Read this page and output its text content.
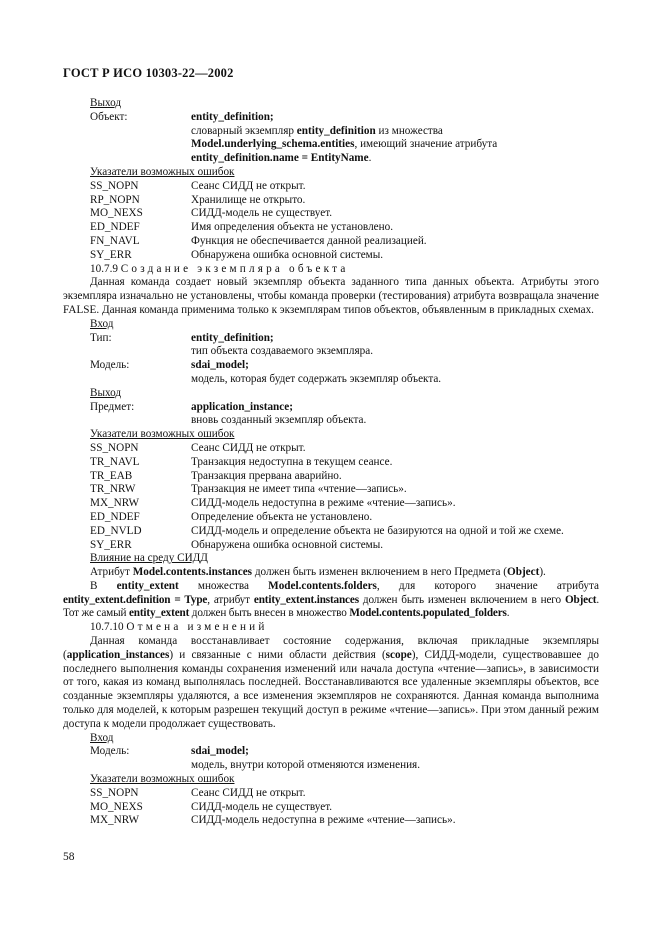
ГОСТ Р ИСО 10303-22—2002
Выход
Объект:	entity_definition;
словарный экземпляр entity_definition из множества
Model.underlying_schema.entities, имеющий значение атрибута
entity_definition.name = EntityName.
Указатели возможных ошибок
SS_NOPN	Сеанс СИДД не открыт.
RP_NOPN	Хранилище не открыто.
MO_NEXS	СИДД-модель не существует.
ED_NDEF	Имя определения объекта не установлено.
FN_NAVL	Функция не обеспечивается данной реализацией.
SY_ERR	Обнаружена ошибка основной системы.
10.7.9 Создание экземпляра объекта
Данная команда создает новый экземпляр объекта заданного типа данных объекта. Атрибуты этого экземпляра изначально не установлены, чтобы команда проверки (тестирования) атрибута возвращала значение FALSE. Данная команда применима только к экземплярам типов объектов, объявленным в прикладных схемах.
Вход
Тип:	entity_definition;
тип объекта создаваемого экземпляра.
Модель:	sdai_model;
модель, которая будет содержать экземпляр объекта.
Выход
Предмет:	application_instance;
вновь созданный экземпляр объекта.
Указатели возможных ошибок
SS_NOPN	Сеанс СИДД не открыт.
TR_NAVL	Транзакция недоступна в текущем сеансе.
TR_EAB	Транзакция прервана аварийно.
TR_NRW	Транзакция не имеет типа «чтение—запись».
MX_NRW	СИДД-модель недоступна в режиме «чтение—запись».
ED_NDEF	Определение объекта не установлено.
ED_NVLD	СИДД-модель и определение объекта не базируются на одной и той же схеме.
SY_ERR	Обнаружена ошибка основной системы.
Влияние на среду СИДД
Атрибут Model.contents.instances должен быть изменен включением в него Предмета (Object).
В entity_extent множества Model.contents.folders, для которого значение атрибута
entity_extent.definition = Type, атрибут entity_extent.instances должен быть изменен включением в него Object. Тот же самый entity_extent должен быть внесен в множество Model.contents.populated_folders.
10.7.10 Отмена изменений
Данная команда восстанавливает состояние содержания, включая прикладные экземпляры (application_instances) и связанные с ними области действия (scope), СИДД-модели, существовавшее до последнего выполнения команды сохранения изменений или начала доступа «чтение—запись», в зависимости от того, какая из команд выполнялась последней. Восстанавливаются все удаленные экземпляры объектов, все созданные экземпляры удаляются, а все изменения экземпляров не сохраняются. Данная команда выполнима только для моделей, к которым разрешен текущий доступ в режиме «чтение—запись». При этом данный режим доступа к модели продолжает существовать.
Вход
Модель:	sdai_model;
модель, внутри которой отменяются изменения.
Указатели возможных ошибок
SS_NOPN	Сеанс СИДД не открыт.
MO_NEXS	СИДД-модель не существует.
MX_NRW	СИДД-модель недоступна в режиме «чтение—запись».
58
